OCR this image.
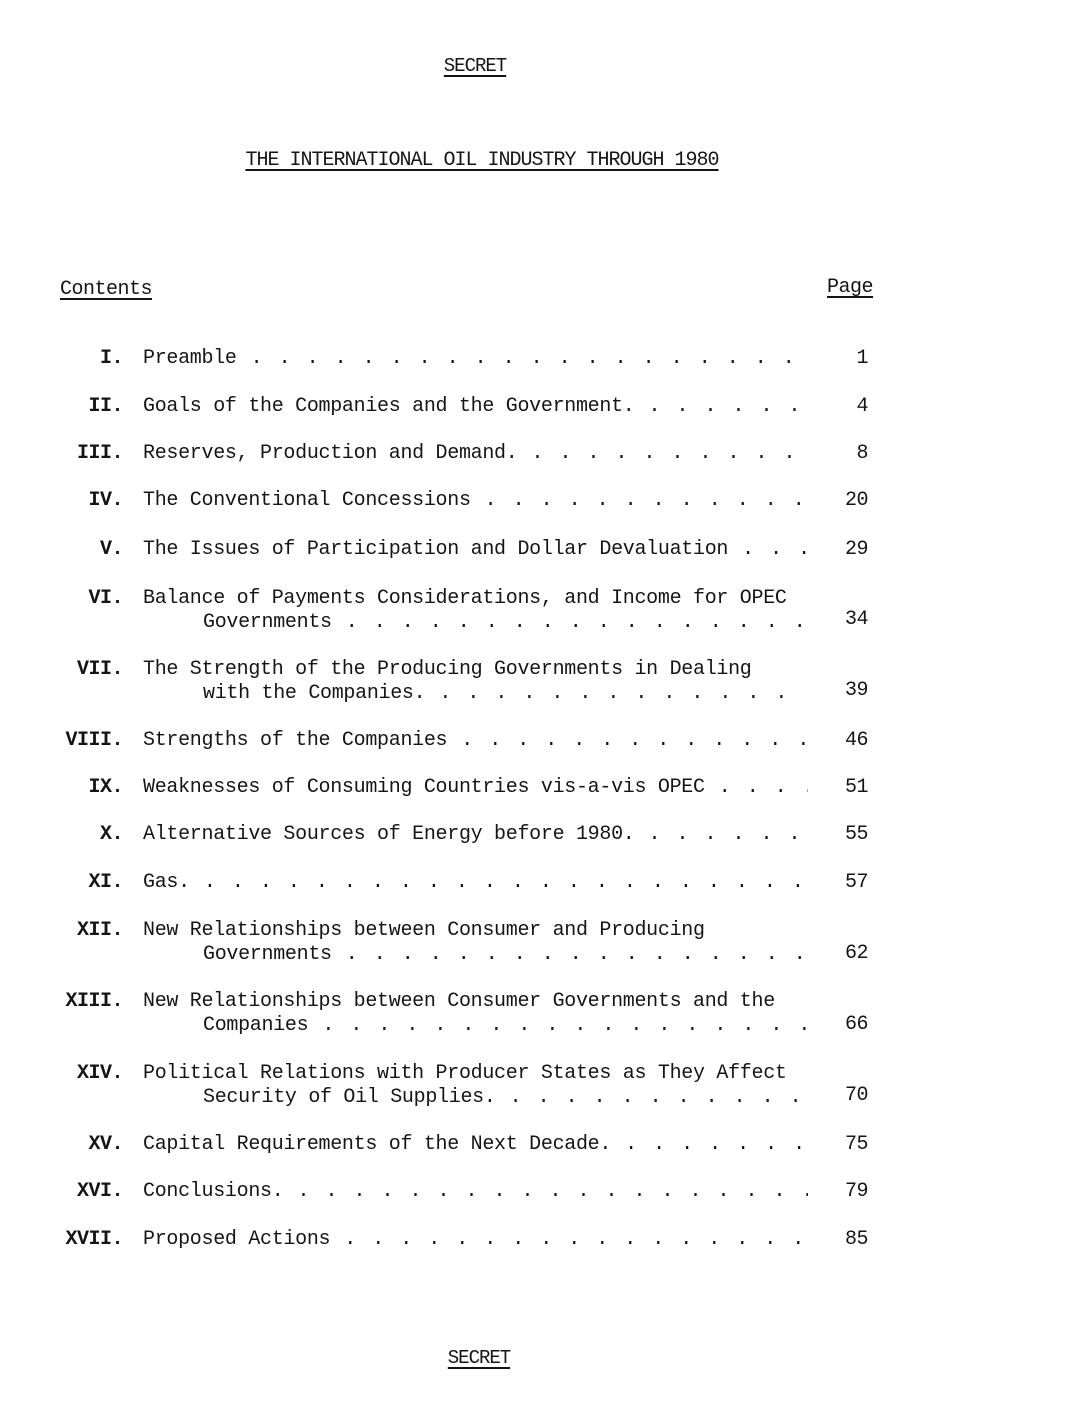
SECRET
THE INTERNATIONAL OIL INDUSTRY THROUGH 1980
Contents	Page
I. Preamble . . .	1
II. Goals of the Companies and the Government. . . .	4
III. Reserves, Production and Demand. . . .	8
IV. The Conventional Concessions . . .	20
V. The Issues of Participation and Dollar Devaluation . . .	29
VI. Balance of Payments Considerations, and Income for OPEC
Governments . . .	34
VII. The Strength of the Producing Governments in Dealing
with the Companies. . . .	39
VIII. Strengths of the Companies . . .	46
IX. Weaknesses of Consuming Countries vis-a-vis OPEC . . .	51
X. Alternative Sources of Energy before 1980. . . .	55
XI. Gas. . . .	57
XII. New Relationships between Consumer and Producing
Governments . . .	62
XIII. New Relationships between Consumer Governments and the
Companies . . .	66
XIV. Political Relations with Producer States as They Affect
Security of Oil Supplies. . . .	70
XV. Capital Requirements of the Next Decade. . . .	75
XVI. Conclusions. . . .	79
XVII. Proposed Actions . . .	85
SECRET
